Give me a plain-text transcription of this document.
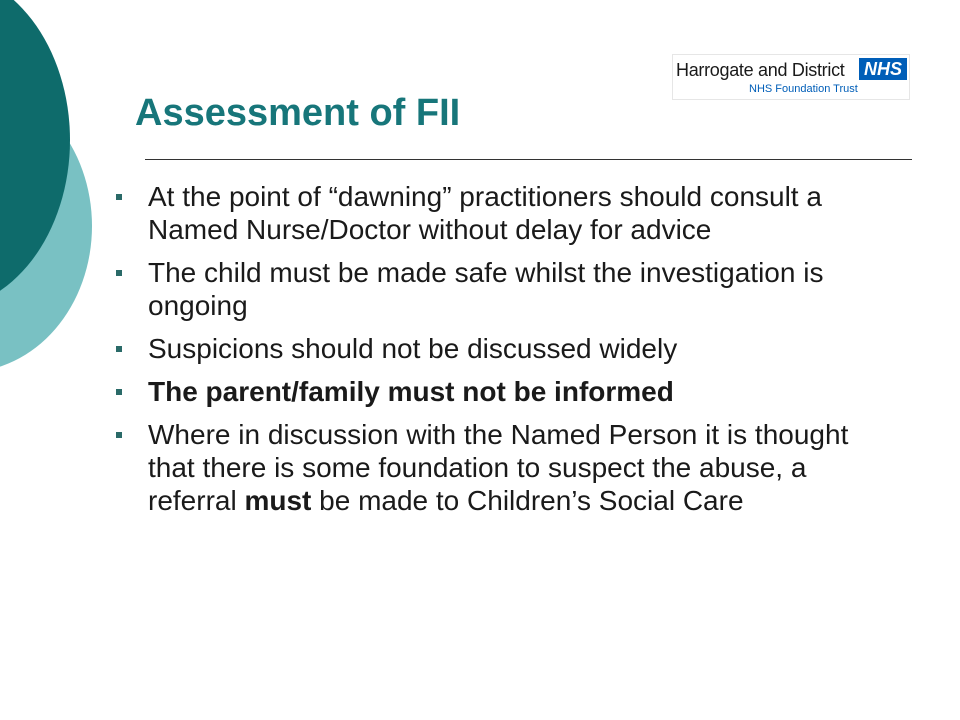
Harrogate and District NHS
NHS Foundation Trust
Assessment of FII
At the point of “dawning” practitioners should consult a Named Nurse/Doctor without delay for advice
The child must be made safe whilst the investigation is ongoing
Suspicions should not be discussed widely
The parent/family must not be informed
Where in discussion with the Named Person it is thought that there is some foundation to suspect the abuse, a referral must be made to Children’s Social Care
